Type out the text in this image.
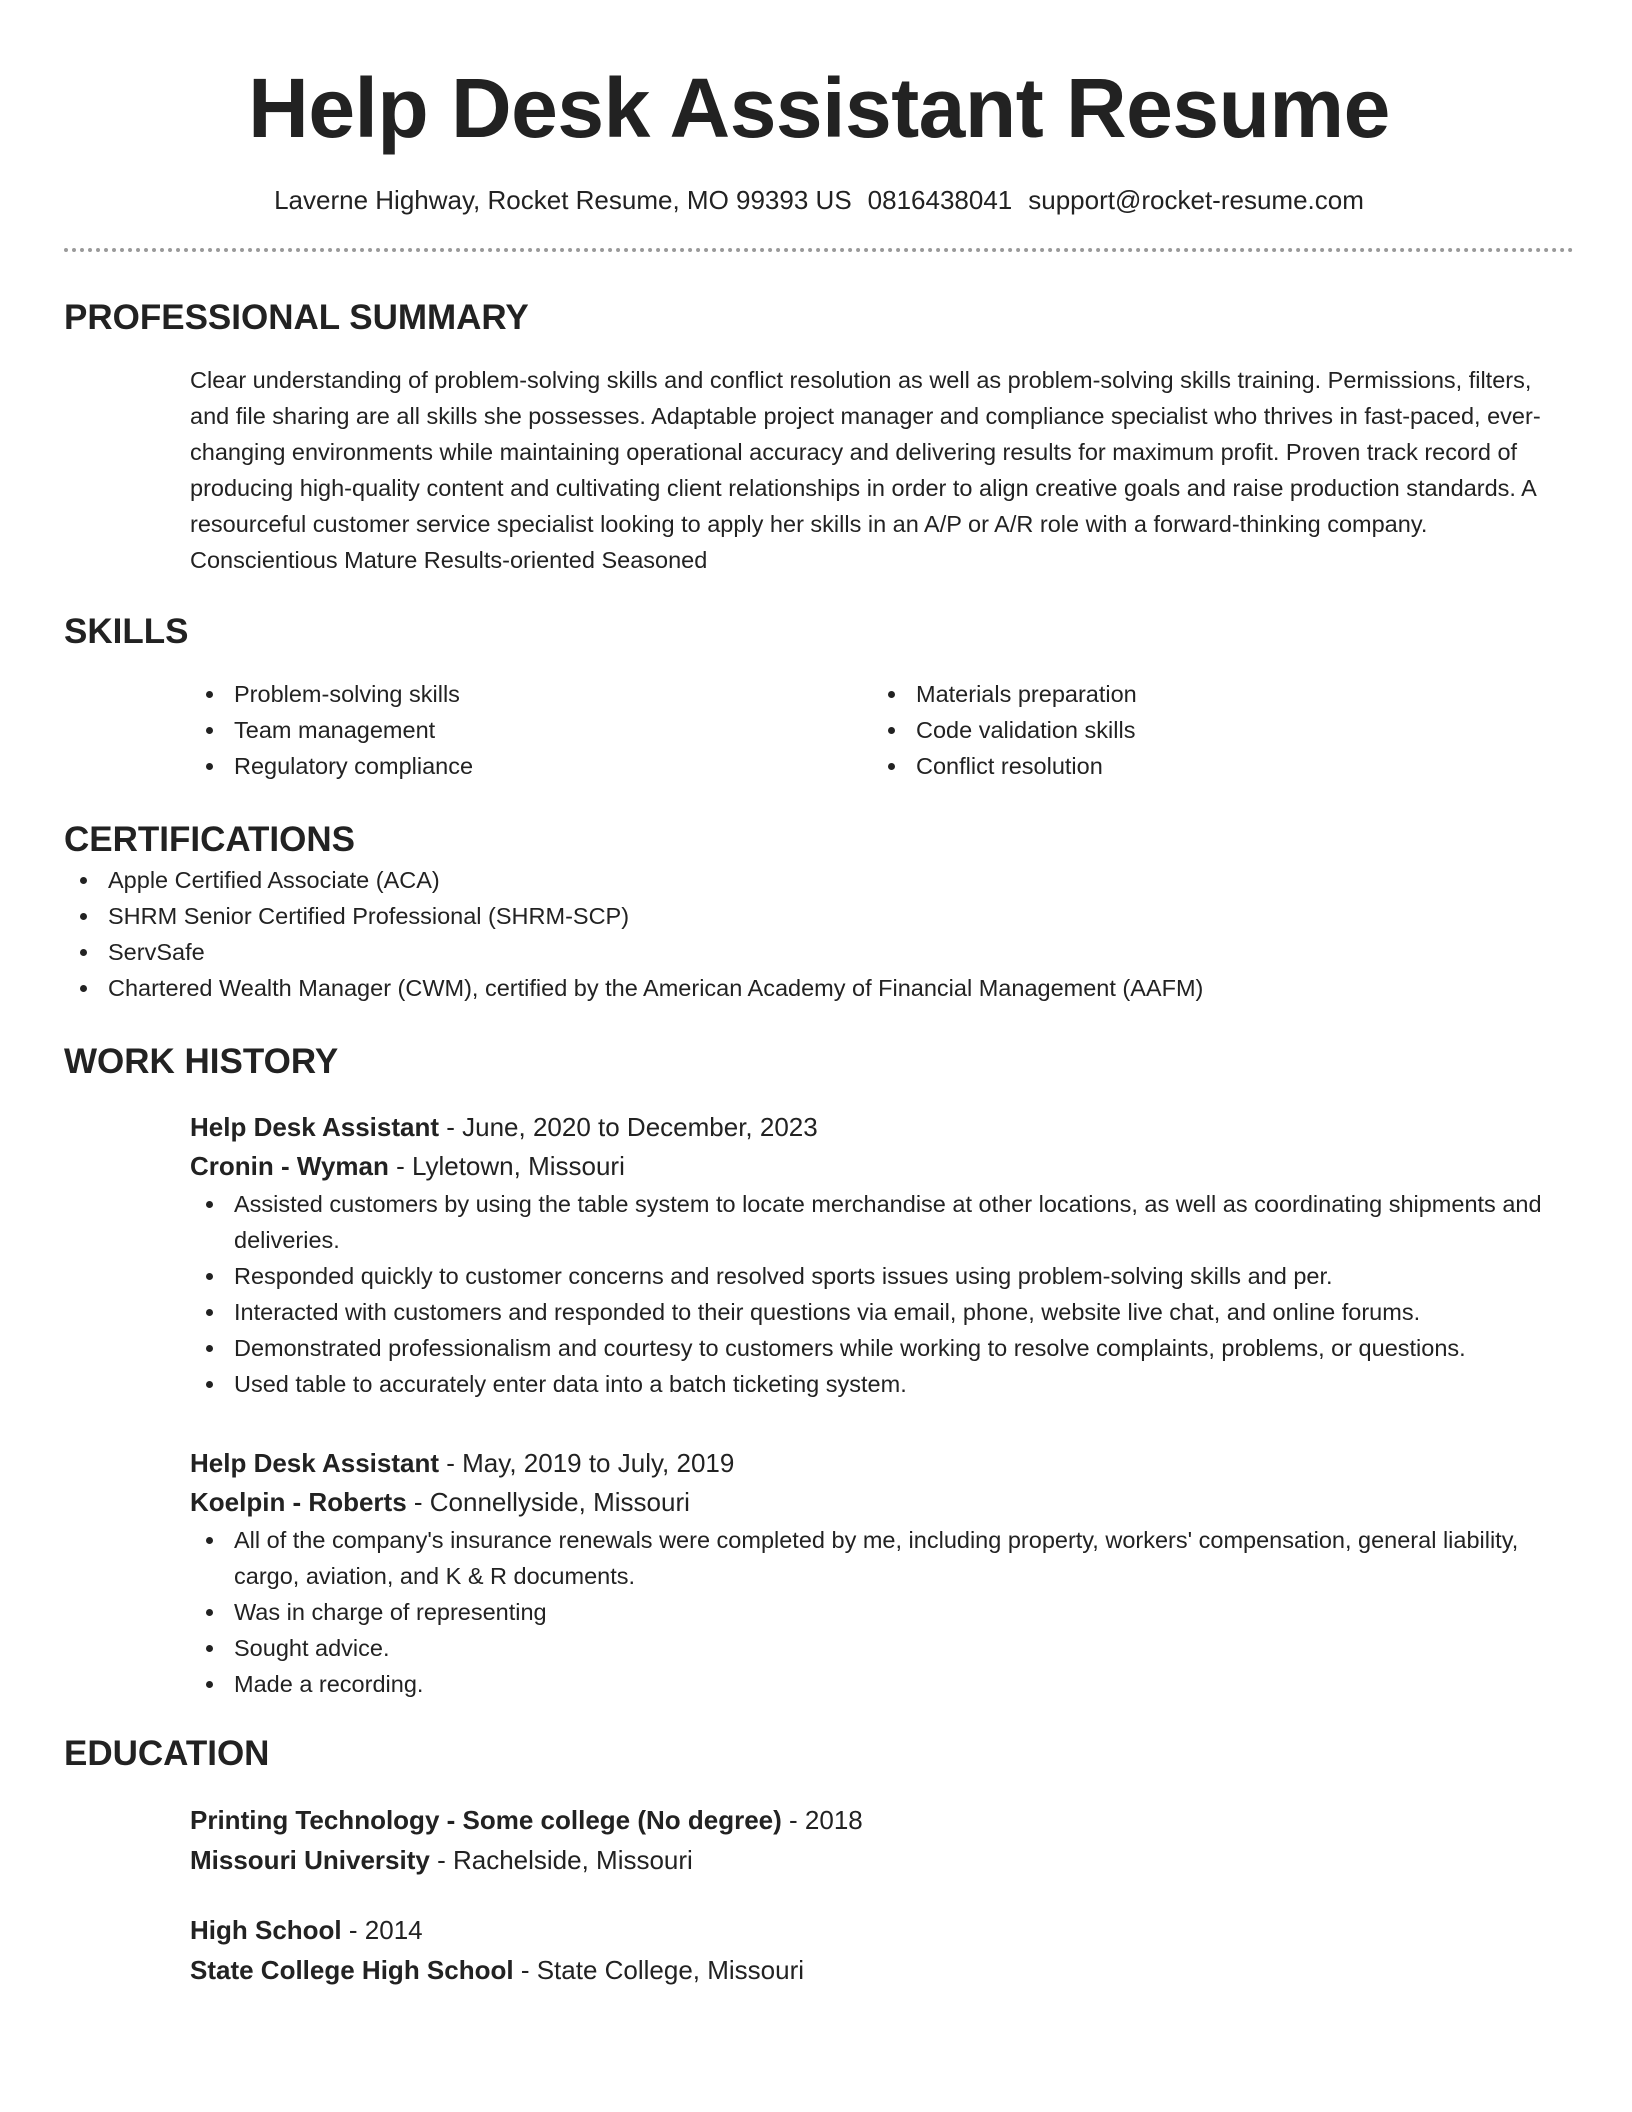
Help Desk Assistant Resume
Laverne Highway, Rocket Resume, MO 99393 US 0816438041 support@rocket-resume.com
PROFESSIONAL SUMMARY

Clear understanding of problem-solving skills and conflict resolution as well as problem-solving skills training. Permissions, filters, and file sharing are all skills she possesses. Adaptable project manager and compliance specialist who thrives in fast-paced, ever-changing environments while maintaining operational accuracy and delivering results for maximum profit. Proven track record of producing high-quality content and cultivating client relationships in order to align creative goals and raise production standards. A resourceful customer service specialist looking to apply her skills in an A/P or A/R role with a forward-thinking company. Conscientious Mature Results-oriented Seasoned

SKILLS
Problem-solving skills
Team management
Regulatory compliance
Materials preparation
Code validation skills
Conflict resolution
CERTIFICATIONS
Apple Certified Associate (ACA)
SHRM Senior Certified Professional (SHRM-SCP)
ServSafe
Chartered Wealth Manager (CWM), certified by the American Academy of Financial Management (AAFM)
WORK HISTORY
Help Desk Assistant - June, 2020 to December, 2023
Cronin - Wyman - Lyletown, Missouri
Assisted customers by using the table system to locate merchandise at other locations, as well as coordinating shipments and deliveries.
Responded quickly to customer concerns and resolved sports issues using problem-solving skills and per.
Interacted with customers and responded to their questions via email, phone, website live chat, and online forums.
Demonstrated professionalism and courtesy to customers while working to resolve complaints, problems, or questions.
Used table to accurately enter data into a batch ticketing system.
Help Desk Assistant - May, 2019 to July, 2019
Koelpin - Roberts - Connellyside, Missouri
All of the company's insurance renewals were completed by me, including property, workers' compensation, general liability, cargo, aviation, and K & R documents.
Was in charge of representing
Sought advice.
Made a recording.
EDUCATION
Printing Technology - Some college (No degree) - 2018
Missouri University - Rachelside, Missouri
High School - 2014
State College High School - State College, Missouri
